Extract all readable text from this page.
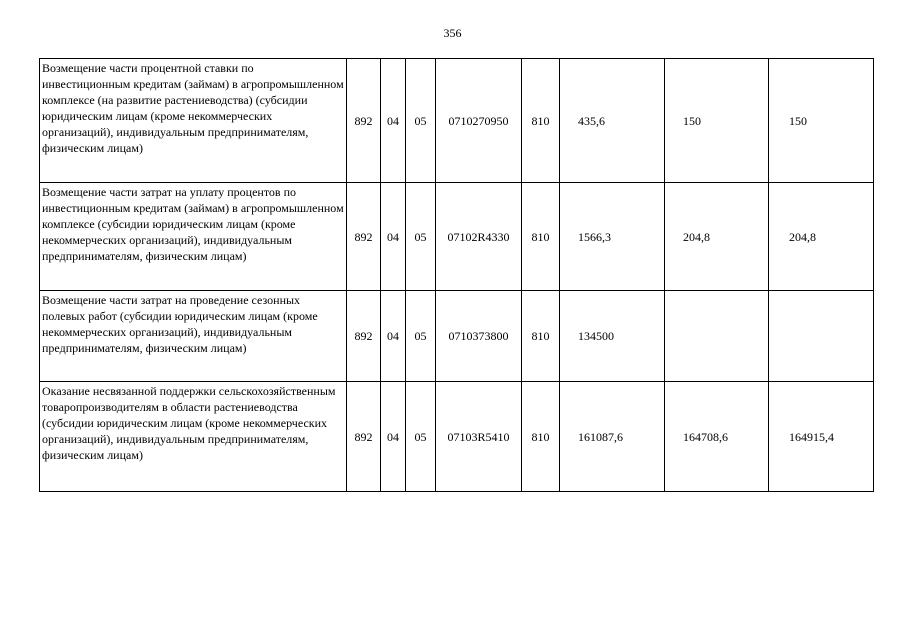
356
Возмещение части процентной ставки по инвестиционным кредитам (займам) в агропромышленном комплексе (на развитие растениеводства) (субсидии юридическим лицам (кроме некоммерческих организаций), индивидуальным предпринимателям, физическим лицам)	892	04	05	0710270950	810	435,6	150	150
Возмещение части затрат на уплату процентов по инвестиционным кредитам (займам) в агропромышленном комплексе (субсидии юридическим лицам (кроме некоммерческих организаций), индивидуальным предпринимателям, физическим лицам)	892	04	05	07102R4330	810	1566,3	204,8	204,8
Возмещение части затрат на проведение сезонных полевых работ (субсидии юридическим лицам (кроме некоммерческих организаций), индивидуальным предпринимателям, физическим лицам)	892	04	05	0710373800	810	134500		
Оказание несвязанной поддержки сельскохозяйственным товаропроизводителям в области растениеводства (субсидии юридическим лицам (кроме некоммерческих организаций), индивидуальным предпринимателям, физическим лицам)	892	04	05	07103R5410	810	161087,6	164708,6	164915,4
